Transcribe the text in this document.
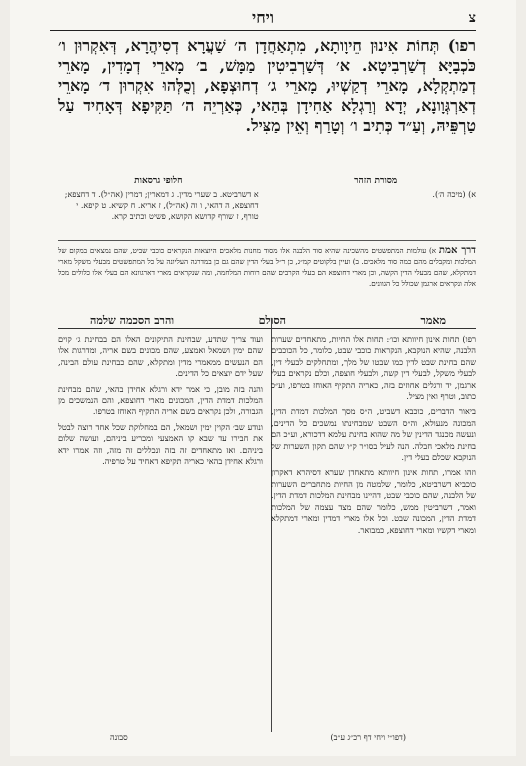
צ
ויחי
רפו) תְּחוֹת אִינוּן חֵיוָותָא, מִתְאַחֲדָן ה׳ שַׁעֲרָא דְסִיהֲרָא, דְּאִקְרוּן ו׳ כֹּכְבָיָּא דְשַׁרְבִיטָא. א׳ דְּשַׁרְבִיטִין מַמָּשׁ, ב׳ מָארֵי דְמָדִין, מָארֵי דְמַתְקְלָא, מָארֵי דְקַשְׁיוּ, מָארֵי ג׳ דְחוּצְפָא, וְכֻלְּהוּ אִקְרוּן ד׳ מָארֵי דְאַרְגְּוָונָא, יְדָא וְרַגְלָא אַחִידָן בְּהַאי, כְּאַרְיֵה ה׳ תַּקִּיפָא דְּאָחִיד עַל טַרְפֵּיהּ, וְעַ״ד כְּתִיב ו׳ וְטָרַף וְאֵין מַצִּיל.
מסורת הזהר
א) (מיכה ה׳).
חלופי גרסאות
א דשרביטא. ב שערי מדין. ג דמארין; דמרין (אה״ל). ד דחצפא; דחוצפא, ה דהאי, ו וה (אה״ל), ז אריא. ח קשיא. ט קיפא. י טורף, ז שורף קדושא הקושא, פשיט וכתיב קרא.
דרך אמת א) עולמות המתפשטים מהשכינה שהיא סוד הלבנה אלו מסוד מחנות מלאכים היוצאות הנקראים כוכבי שביט, שהם נמצאים במקום של המלכות ומקבלים מהם כמה סוד מלאכים. ב) ועיין בלקוטים קמ״ג, כן ר״ל בעלי הדין שהם גם כן במדרגה העליונה על כל המתפשטים מבעלי משקל מארי דמתקלא, שהם מבעלי הדין הקשה, וכן מארי דחוצפא הם בעלי הקרבים שהם רוחות המלחמה, ומה שנקראים מארי דארגוונא הם בעלי אלו כלולים מכל אלה ונקראים ארגמן שכולל כל הגוונים.
מאמר
הסולם
והרב הסכמה שלמה

רפו) תחות אינון חיוותא וכו׳: תחות אלו החיות, מתאחדים שערות הלבנה, שהיא הנוקבא, הנקראות כוכבי שבט, כלומר, כל הכוכבים שהם בחינת שבט לדין כמו שבטו של מלך, ומתחלקים לבעלי דין, לבעלי משקל, לבעלי דין קשה, ולבעלי חוצפה, וכלם נקראים בעלי ארגמן, יד ורגלים אחוזים בזה, כאריה התקיף האוחז בטרפו, וע״כ כתוב, וטרף ואין מציל.

ביאור הדברים, כוכבא דשביט, ה״ס מסך המלכות דמדת הדין, המכונה מנעולא, וה״ס השבט שמבחינתו נמשכים כל הדינים, ונעשה מכנגד הדינין של מה שהוא בחינת עלמא דדכורא, וע״כ הם בחינת מלאכי חבלה. הנה לעיל בסו״ר ק״ו שהם תקון השערות של הנוקבא שכלם בעלי דין.

וזהו אמרו, תחות אינון חיוותא מתאחדן שערא דסיהרא דאקרון כוכביא דשרביטא, כלומר, שלמטה מן החיות מתחברים השערות של הלבנה, שהם כוכבי שבט, דהיינו מבחינת המלכות דמדת הדין. ואמר, דשרביטין ממש, כלומר שהם מצד עצמה של המלכות דמדת הדין, המכונה שבט. וכל אלו מארי דמדין ומארי דמתקלא ומארי דקשיו ומארי דחוצפא, כמבואר.

ועוד צריך שתדע, שבחינת התיקונים האלו הם בבחינת ג׳ קוים שהם ימין ושמאל ואמצע, שהם מכונים בשם אריה, ומדרגות אלו הם הנעשים ממאמרי מדין ומתקלא, שהם כבחינת עולם הבינה, שעל ידם יוצאים כל הדינים.

והנה בזה מובן, כי אמר ידא ורגלא אחידן בהאי, שהם מבחינת המלכות דמדת הדין, המכונים מארי דחוצפא, והם הנמשכים מן הגבורה, ולכן נקראים בשם אריה התקיף האוחז בטרפו.

ונודע שב׳ הקוין ימין ושמאל, הם במחלוקת שכל אחד רוצה לבטל את חבירו עד שבא קו האמצעי ומכריע ביניהם, ועושה שלום ביניהם. ואז מתאחדים זה בזה ונכללים זה מזה, וזה אמרו ידא ורגלא אחידן בהאי כאריה תקיפא דאחיד על טרפיה.

(דפו״י ויחי דף רכ״ג ע״ב)
סבונה
